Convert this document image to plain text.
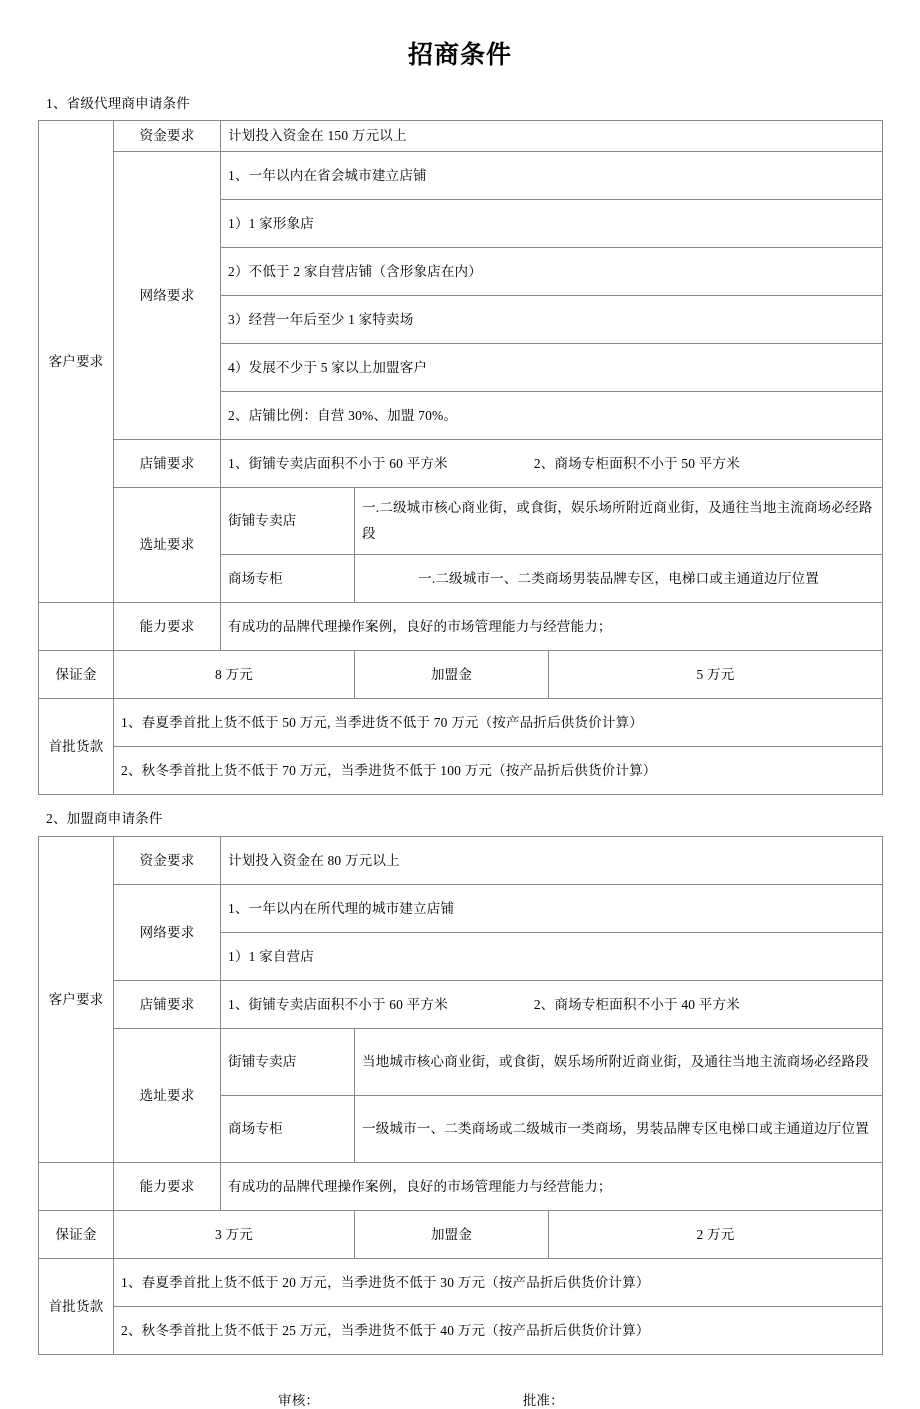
招商条件
1、省级代理商申请条件
客户要求	资金要求	计划投入资金在 150 万元以上		
	网络要求	1、一年以内在省会城市建立店铺		
		1）1 家形象店		
		2）不低于 2 家自营店铺（含形象店在内）		
		3）经营一年后至少 1 家特卖场		
		4）发展不少于 5 家以上加盟客户		
		2、店铺比例：自营 30%、加盟 70%。		
	店铺要求	1、街铺专卖店面积不小于 60 平方米 2、商场专柜面积不小于 50 平方米		
	选址要求	街铺专卖店	一.二级城市核心商业街，或食街，娱乐场所附近商业街，及通往当地主流商场必经路段	
		商场专柜	一.二级城市一、二类商场男装品牌专区，电梯口或主通道边厅位置	
	能力要求	有成功的品牌代理操作案例，良好的市场管理能力与经营能力；		
保证金	8 万元		加盟金	5 万元
首批货款	1、春夏季首批上货不低于 50 万元, 当季进货不低于 70 万元（按产品折后供货价计算）			
	2、秋冬季首批上货不低于 70 万元，当季进货不低于 100 万元（按产品折后供货价计算）			
2、加盟商申请条件
客户要求	资金要求	计划投入资金在 80 万元以上		
	网络要求	1、一年以内在所代理的城市建立店铺		
		1）1 家自营店		
	店铺要求	1、街铺专卖店面积不小于 60 平方米 2、商场专柜面积不小于 40 平方米		
	选址要求	街铺专卖店	当地城市核心商业街，或食街，娱乐场所附近商业街，及通往当地主流商场必经路段	
		商场专柜	一级城市一、二类商场或二级城市一类商场，男装品牌专区电梯口或主通道边厅位置	
	能力要求	有成功的品牌代理操作案例，良好的市场管理能力与经营能力；		
保证金	3 万元		加盟金	2 万元
首批货款	1、春夏季首批上货不低于 20 万元，当季进货不低于 30 万元（按产品折后供货价计算）			
	2、秋冬季首批上货不低于 25 万元，当季进货不低于 40 万元（按产品折后供货价计算）			
审核：	批准：
